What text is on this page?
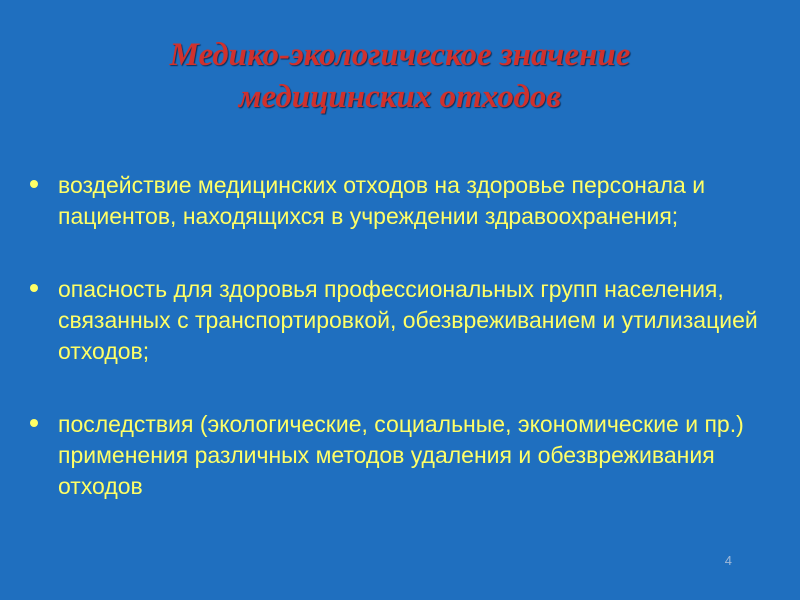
Медико-экологическое значение
медицинских отходов
воздействие медицинских отходов на здоровье персонала и пациентов, находящихся в учреждении здравоохранения;
опасность для здоровья профессиональных групп населения, связанных с транспортировкой, обезвреживанием и утилизацией отходов;
последствия (экологические, социальные, экономические и пр.) применения различных методов удаления и обезвреживания отходов
4
